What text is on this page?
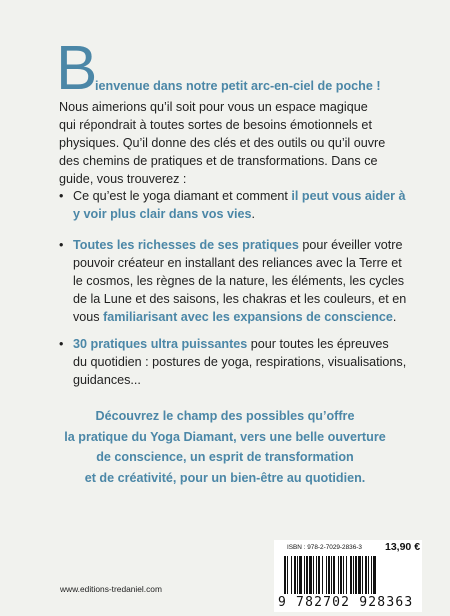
B
ienvenue dans notre petit arc-en-ciel de poche !

Nous aimerions qu’il soit pour vous un espace magique
qui répondrait à toutes sortes de besoins émotionnels et
physiques. Qu’il donne des clés et des outils ou qu’il ouvre
des chemins de pratiques et de transformations. Dans ce
guide, vous trouverez :

• Ce qu’est le yoga diamant et comment il peut vous aider à
y voir plus clair dans vos vies.
• Toutes les richesses de ses pratiques pour éveiller votre
pouvoir créateur en installant des reliances avec la Terre et
le cosmos, les règnes de la nature, les éléments, les cycles
de la Lune et des saisons, les chakras et les couleurs, et en
vous familiarisant avec les expansions de conscience.
• 30 pratiques ultra puissantes pour toutes les épreuves
du quotidien : postures de yoga, respirations, visualisations,
guidances...
Découvrez le champ des possibles qu’offre
la pratique du Yoga Diamant, vers une belle ouverture
de conscience, un esprit de transformation
et de créativité, pour un bien-être au quotidien.
www.editions-tredaniel.com
ISBN : 978-2-7029-2836-3 13,90 €
9 782702 928363
